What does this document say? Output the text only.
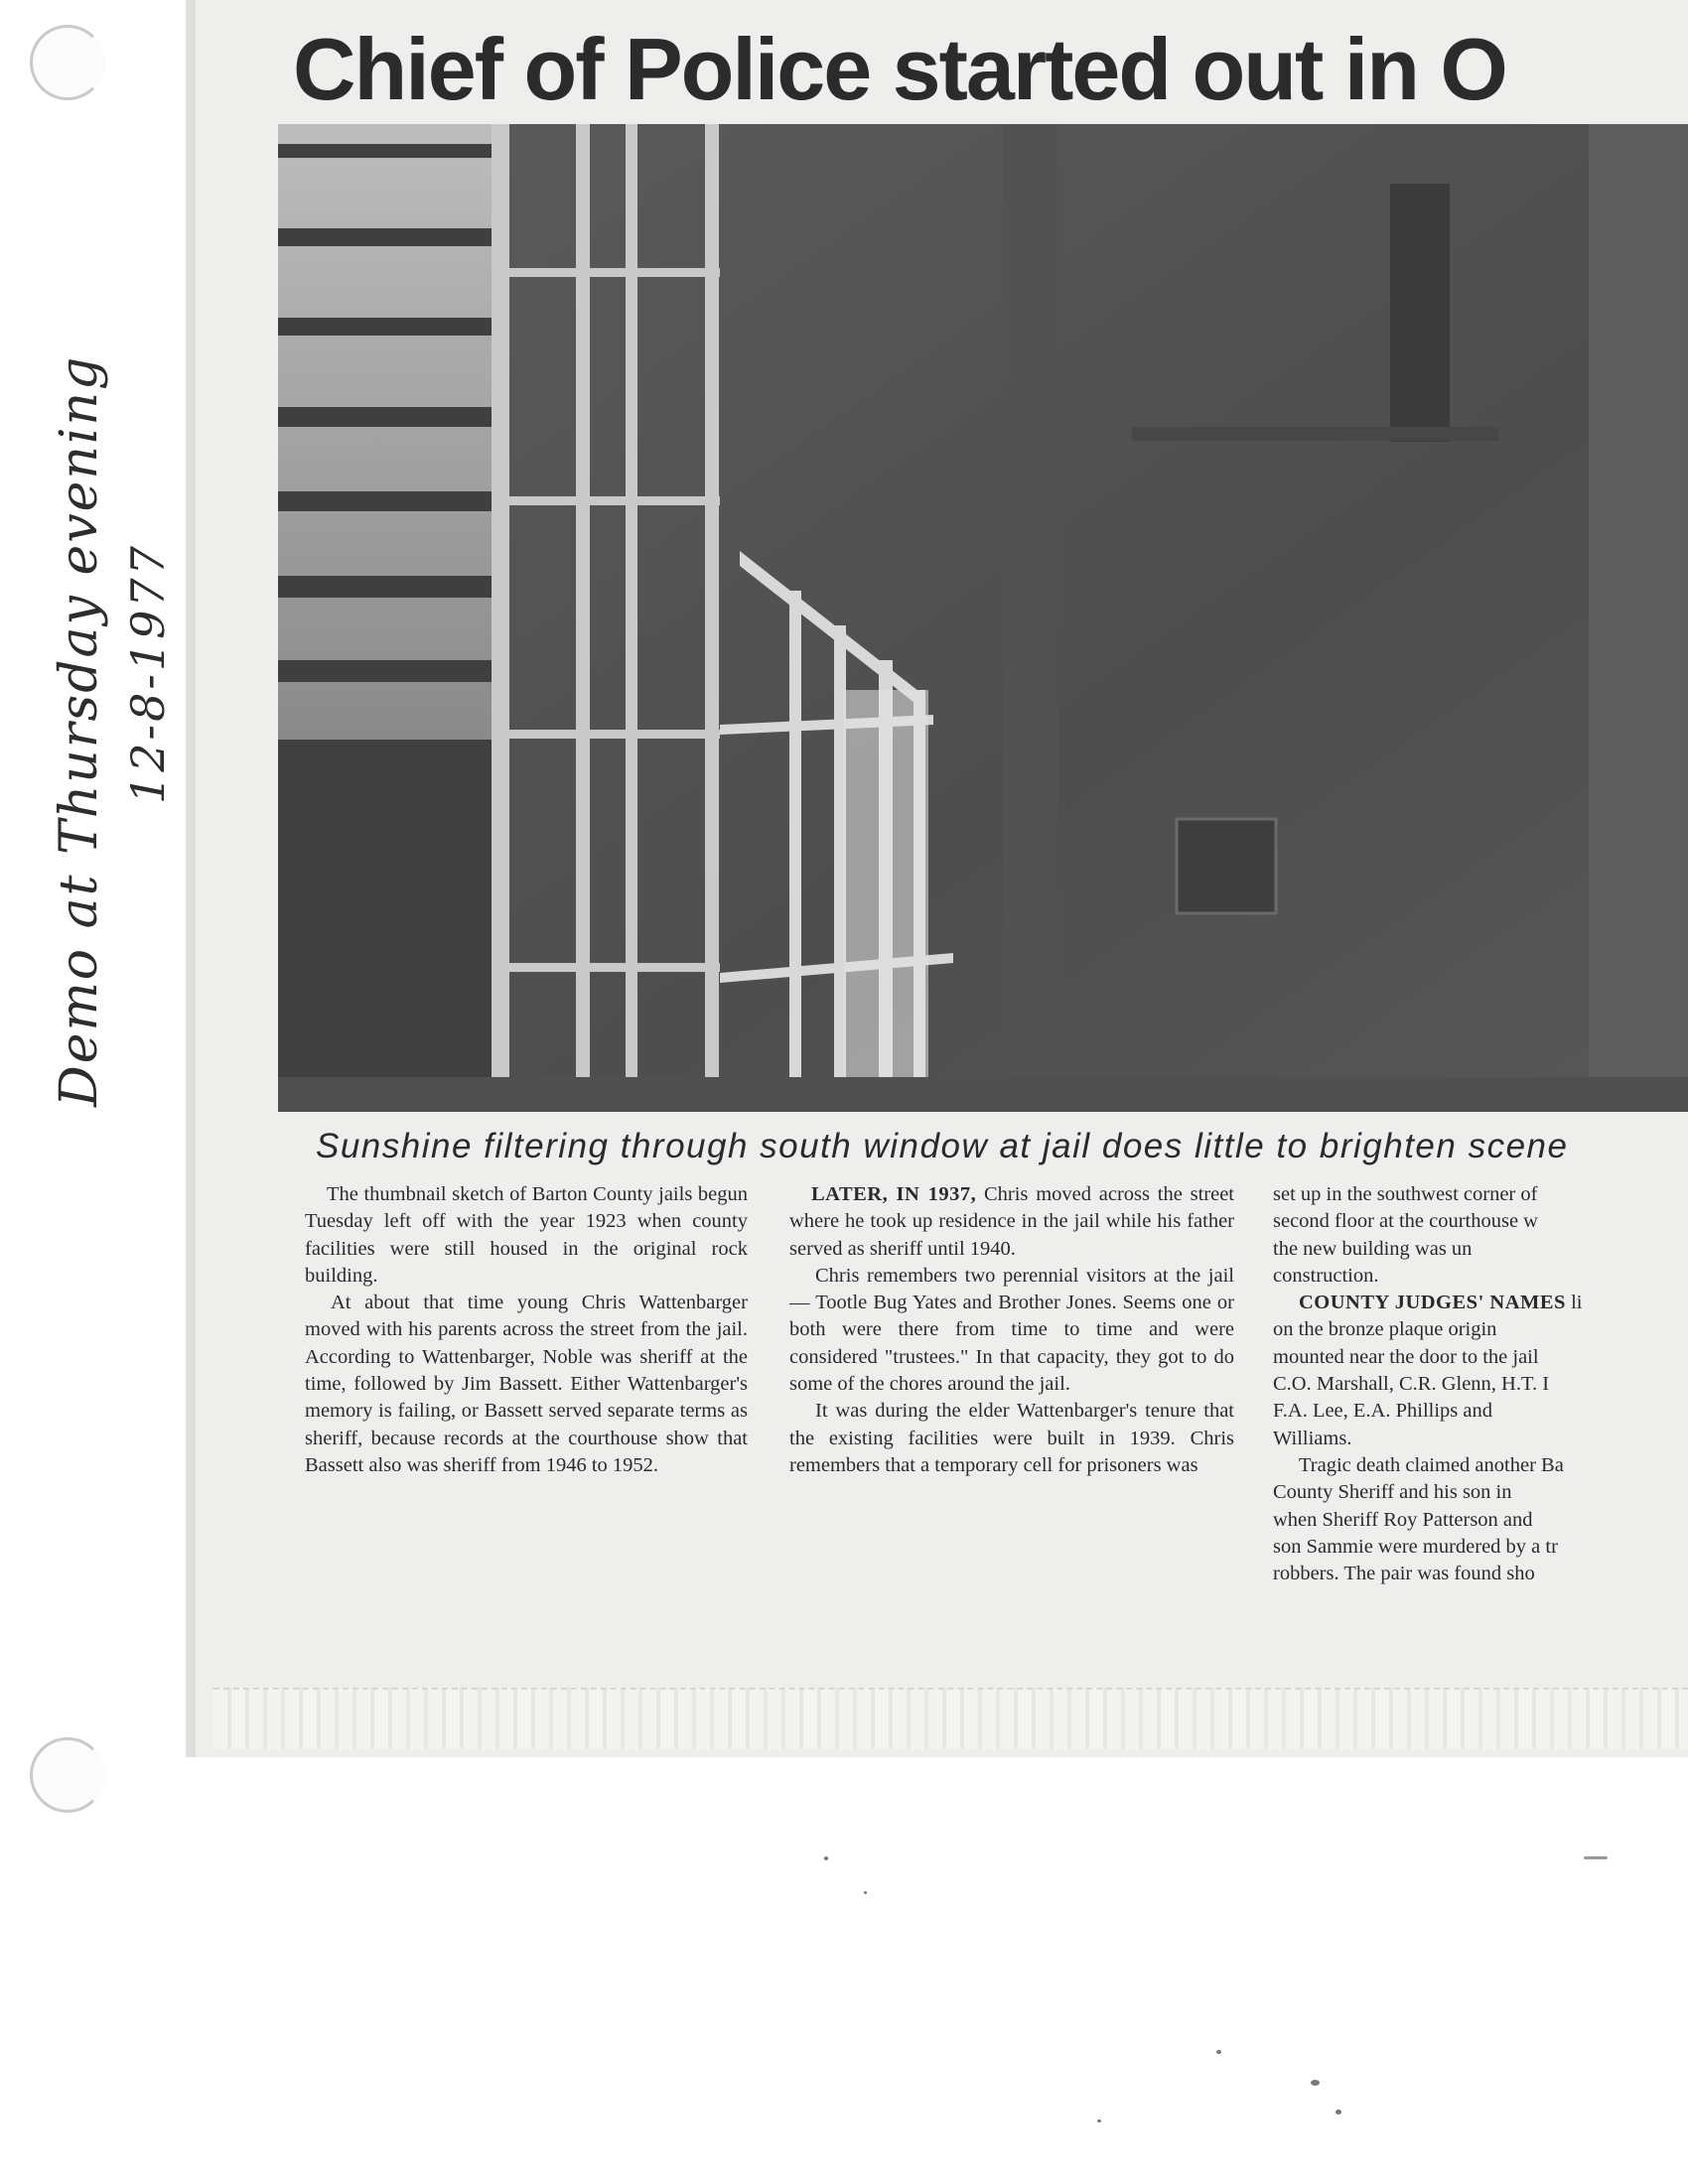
Demo at Thursday evening 12-8-1977
Chief of Police started out in O
Sunshine filtering through south window at jail does little to brighten scene

The thumbnail sketch of Barton County jails begun Tuesday left off with the year 1923 when county facilities were still housed in the original rock building.

At about that time young Chris Wattenbarger moved with his parents across the street from the jail. According to Wattenbarger, Noble was sheriff at the time, followed by Jim Bassett. Either Wattenbarger's memory is failing, or Bassett served separate terms as sheriff, because records at the courthouse show that Bassett also was sheriff from 1946 to 1952.

LATER, IN 1937, Chris moved across the street where he took up residence in the jail while his father served as sheriff until 1940.

Chris remembers two perennial visitors at the jail — Tootle Bug Yates and Brother Jones. Seems one or both were there from time to time and were considered "trustees." In that capacity, they got to do some of the chores around the jail.

It was during the elder Wattenbarger's tenure that the existing facilities were built in 1939. Chris remembers that a temporary cell for prisoners was

set up in the southwest corner of

second floor at the courthouse w

the new building was un

construction.

COUNTY JUDGES' NAMES li

on the bronze plaque origin

mounted near the door to the jail

C.O. Marshall, C.R. Glenn, H.T. I

F.A. Lee, E.A. Phillips and

Williams.

Tragic death claimed another Ba

County Sheriff and his son in

when Sheriff Roy Patterson and

son Sammie were murdered by a tr

robbers. The pair was found sho
